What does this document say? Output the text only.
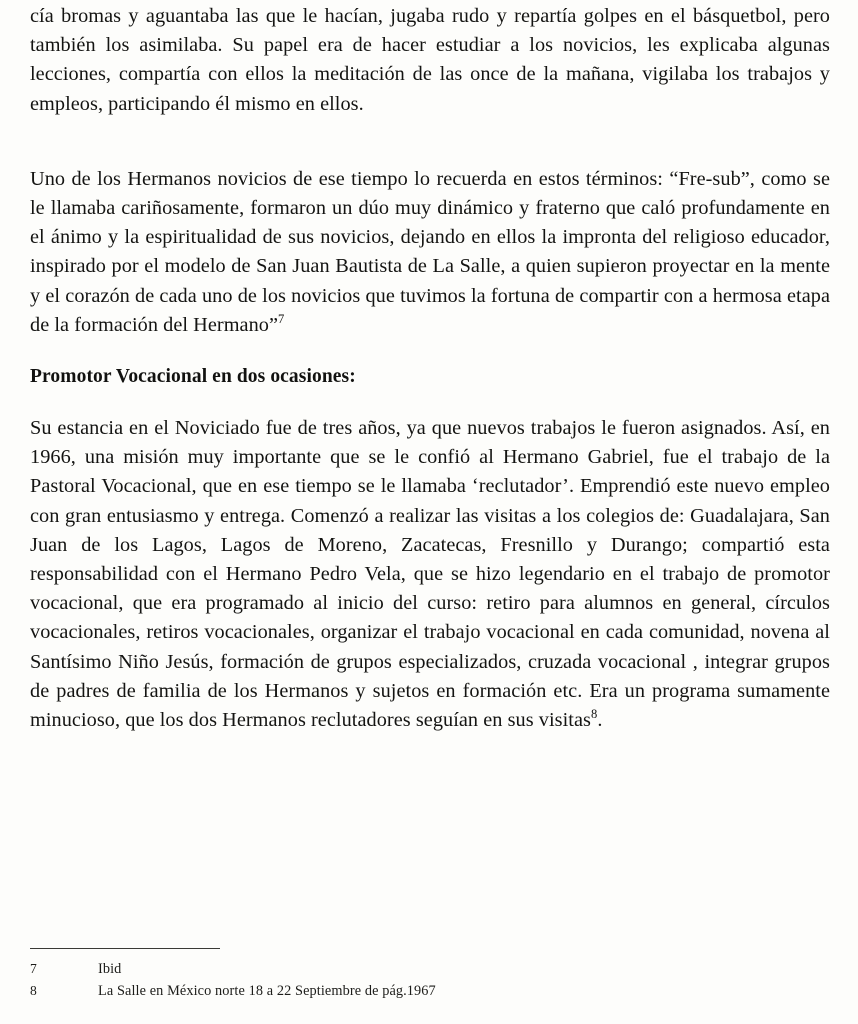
cía bromas y aguantaba las que le hacían, jugaba rudo y repartía golpes en el básquetbol, pero también los asimilaba. Su papel era de hacer estudiar a los novicios, les explicaba algunas lecciones, compartía con ellos la meditación de las once de la mañana, vigilaba los trabajos y empleos, participando él mismo en ellos.

Uno de los Hermanos novicios de ese tiempo lo recuerda en estos términos: “Fre-sub”, como se le llamaba cariñosamente, formaron un dúo muy dinámico y fraterno que caló profundamente en el ánimo y la espiritualidad de sus novicios, dejando en ellos la impronta del religioso educador, inspirado por el modelo de San Juan Bautista de La Salle, a quien supieron proyectar en la mente y el corazón de cada uno de los novicios que tuvimos la fortuna de compartir con a hermosa etapa de la formación del Hermano”$^7$

Promotor Vocacional en dos ocasiones:

Su estancia en el Noviciado fue de tres años, ya que nuevos trabajos le fueron asignados. Así, en 1966, una misión muy importante que se le confió al Hermano Gabriel, fue el trabajo de la Pastoral Vocacional, que en ese tiempo se le llamaba ‘reclutador’. Emprendió este nuevo empleo con gran entusiasmo y entrega. Comenzó a realizar las visitas a los colegios de: Guadalajara, San Juan de los Lagos, Lagos de Moreno, Zacatecas, Fresnillo y Durango; compartió esta responsabilidad con el Hermano Pedro Vela, que se hizo legendario en el trabajo de promotor vocacional, que era programado al inicio del curso: retiro para alumnos en general, círculos vocacionales, retiros vocacionales, organizar el trabajo vocacional en cada comunidad, novena al Santísimo Niño Jesús, formación de grupos especializados, cruzada vocacional , integrar grupos de padres de familia de los Hermanos y sujetos en formación etc. Era un programa sumamente minucioso, que los dos Hermanos reclutadores seguían en sus visitas$^8$.

7	Ibid
8	La Salle en México norte 18 a 22 Septiembre de pág.1967
